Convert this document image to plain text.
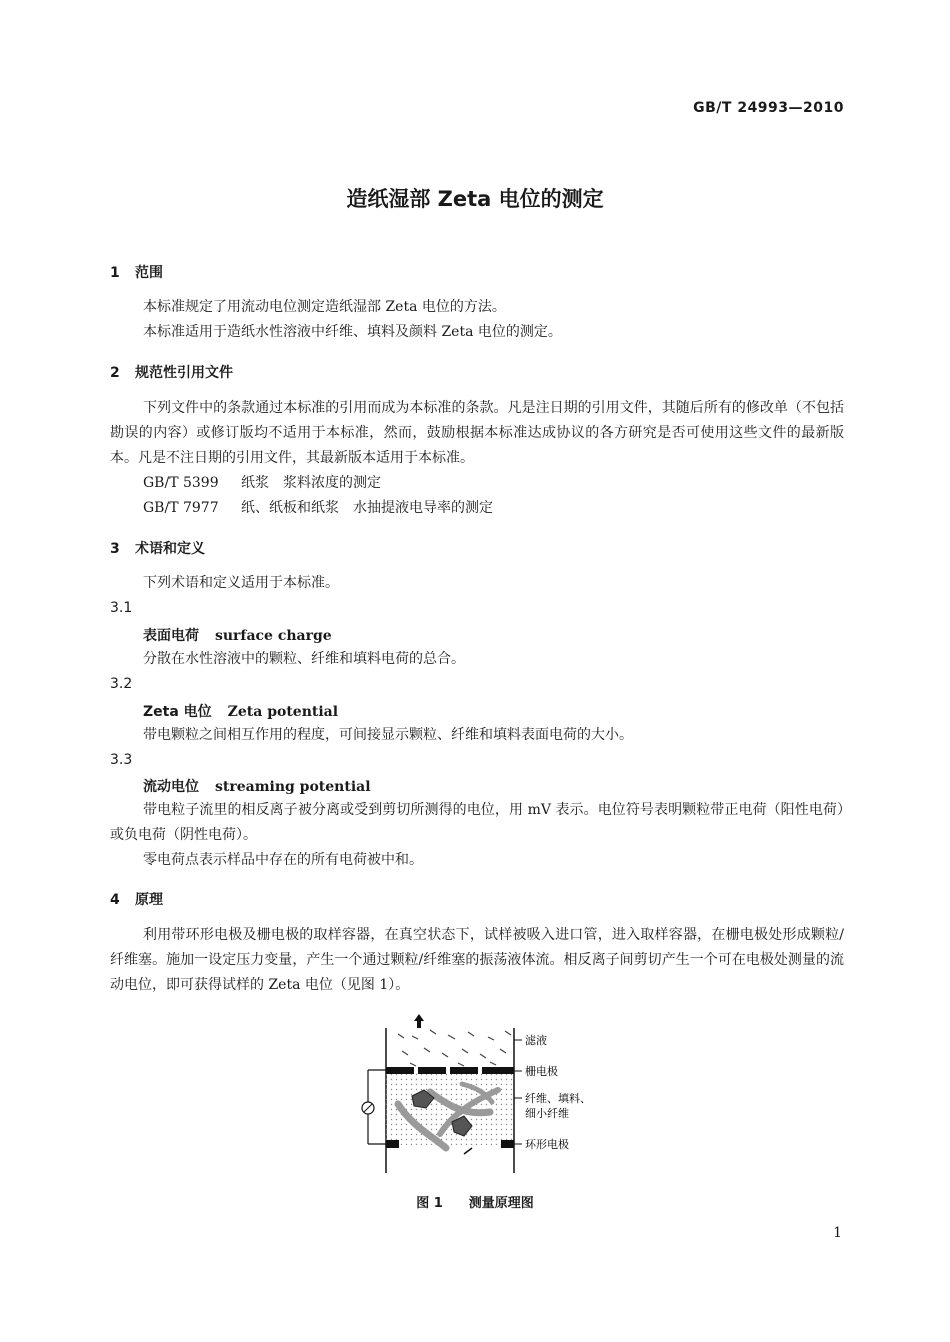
GB/T 24993—2010
造纸湿部 Zeta 电位的测定
1 范围
本标准规定了用流动电位测定造纸湿部 Zeta 电位的方法。
本标准适用于造纸水性溶液中纤维、填料及颜料 Zeta 电位的测定。
2 规范性引用文件

下列文件中的条款通过本标准的引用而成为本标准的条款。凡是注日期的引用文件，其随后所有的修改单（不包括勘误的内容）或修订版均不适用于本标准，然而，鼓励根据本标准达成协议的各方研究是否可使用这些文件的最新版本。凡是不注日期的引用文件，其最新版本适用于本标准。

GB/T 5399 纸浆　浆料浓度的测定
GB/T 7977 纸、纸板和纸浆　水抽提液电导率的测定
3 术语和定义
下列术语和定义适用于本标准。
3.1
表面电荷 surface charge
分散在水性溶液中的颗粒、纤维和填料电荷的总合。
3.2
Zeta 电位 Zeta potential
带电颗粒之间相互作用的程度，可间接显示颗粒、纤维和填料表面电荷的大小。
3.3
流动电位 streaming potential

带电粒子流里的相反离子被分离或受到剪切所测得的电位，用 mV 表示。电位符号表明颗粒带正电荷（阳性电荷）或负电荷（阴性电荷）。

零电荷点表示样品中存在的所有电荷被中和。

4 原理

利用带环形电极及栅电极的取样容器，在真空状态下，试样被吸入进口管，进入取样容器，在栅电极处形成颗粒/纤维塞。施加一设定压力变量，产生一个通过颗粒/纤维塞的振荡液体流。相反离子间剪切产生一个可在电极处测量的流动电位，即可获得试样的 Zeta 电位（见图 1）。

滤液
栅电极
纤维、填料、
细小纤维
环形电极
图 1 测量原理图
1
